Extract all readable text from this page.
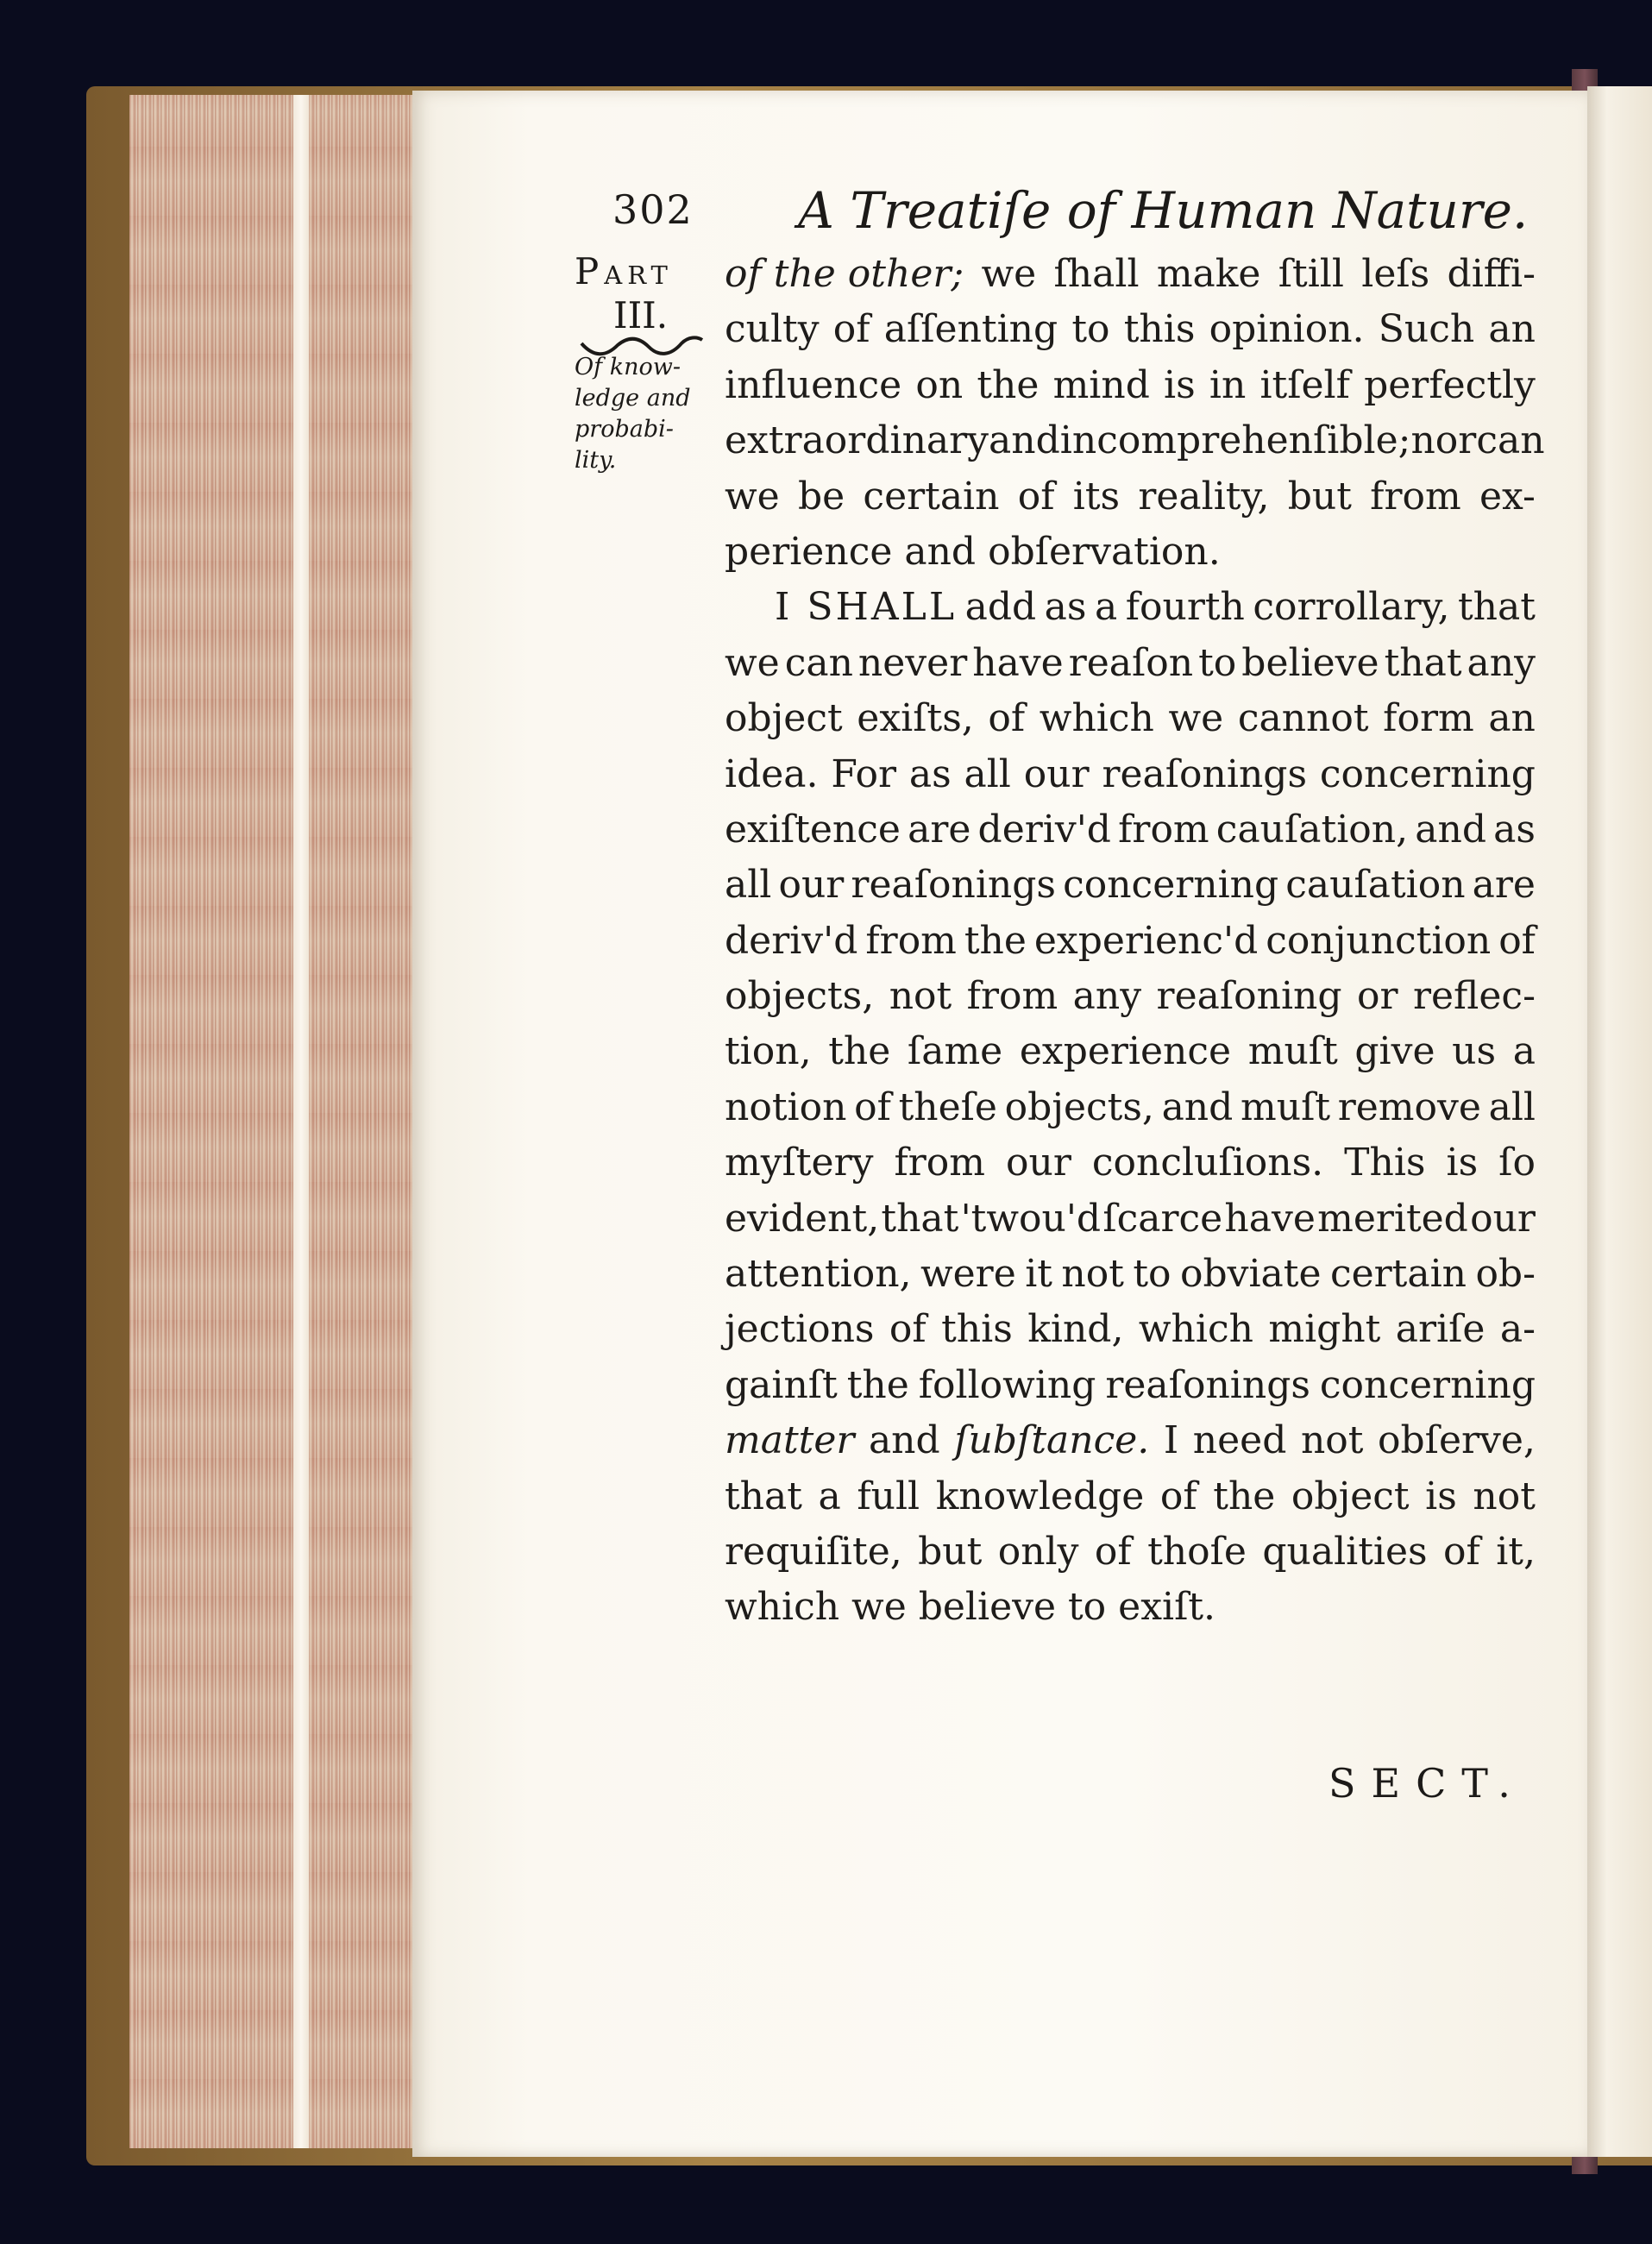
302 A Treatiſe of Human Nature.
Part
III.
Of know-
ledge and
probabi-
lity.
of the other; we ſhall make ſtill leſs diffi-
culty of aſſenting to this opinion. Such an
influence on the mind is in itſelf perfectly
extraordinary and incomprehenſible; nor can
we be certain of its reality, but from ex-
perience and obſervation.
I SHALL add as a fourth corrollary, that
we can never have reaſon to believe that any
object exiſts, of which we cannot form an
idea. For as all our reaſonings concerning
exiſtence are deriv'd from cauſation, and as
all our reaſonings concerning cauſation are
deriv'd from the experienc'd conjunction of
objects, not from any reaſoning or reflec-
tion, the ſame experience muſt give us a
notion of theſe objects, and muſt remove all
myſtery from our concluſions. This is ſo
evident, that 'twou'd ſcarce have merited our
attention, were it not to obviate certain ob-
jections of this kind, which might ariſe a-
gainſt the following reaſonings concerning
matter and ſubſtance. I need not obſerve,
that a full knowledge of the object is not
requiſite, but only of thoſe qualities of it,
which we believe to exiſt.
SECT.
